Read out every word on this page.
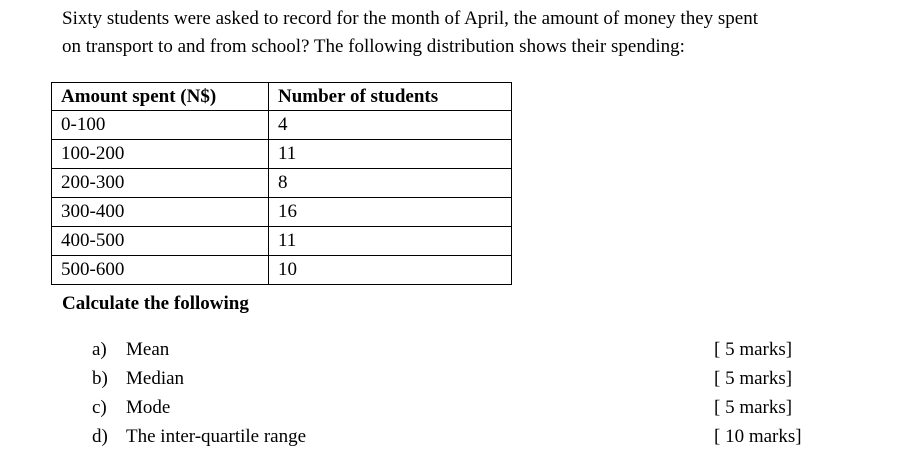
Sixty students were asked to record for the month of April, the amount of money they spent
on transport to and from school? The following distribution shows their spending:

Amount spent (N$)	Number of students
0-100	4
100-200	11
200-300	8
300-400	16
400-500	11
500-600	10

Calculate the following

a) Mean	[ 5 marks]
b) Median	[ 5 marks]
c) Mode	[ 5 marks]
d) The inter-quartile range	[ 10 marks]
